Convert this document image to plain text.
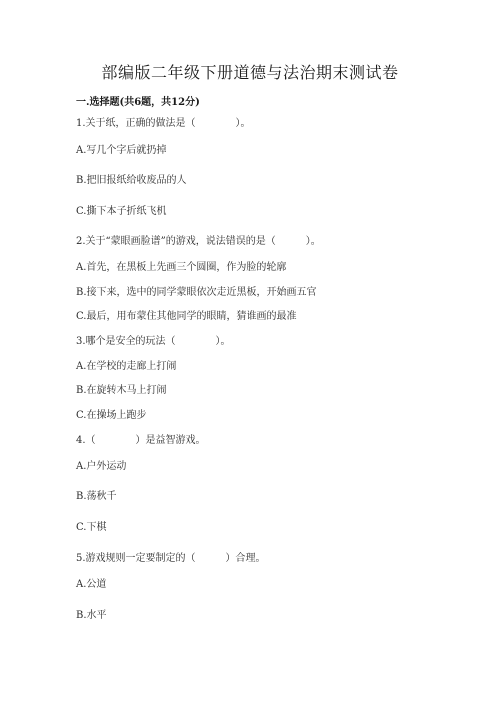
部编版二年级下册道德与法治期末测试卷
一.选择题(共6题，共12分)
1.关于纸，正确的做法是（　　　　）。
A.写几个字后就扔掉
B.把旧报纸给收废品的人
C.撕下本子折纸飞机
2.关于“蒙眼画脸谱”的游戏，说法错误的是（　　　）。
A.首先，在黑板上先画三个圆圈，作为脸的轮廓
B.接下来，选中的同学蒙眼依次走近黑板，开始画五官
C.最后，用布蒙住其他同学的眼睛，猜谁画的最准
3.哪个是安全的玩法（　　　　）。
A.在学校的走廊上打闹
B.在旋转木马上打闹
C.在操场上跑步
4.（　　　　）是益智游戏。
A.户外运动
B.荡秋千
C.下棋
5.游戏规则一定要制定的（　　　）合理。
A.公道
B.水平
